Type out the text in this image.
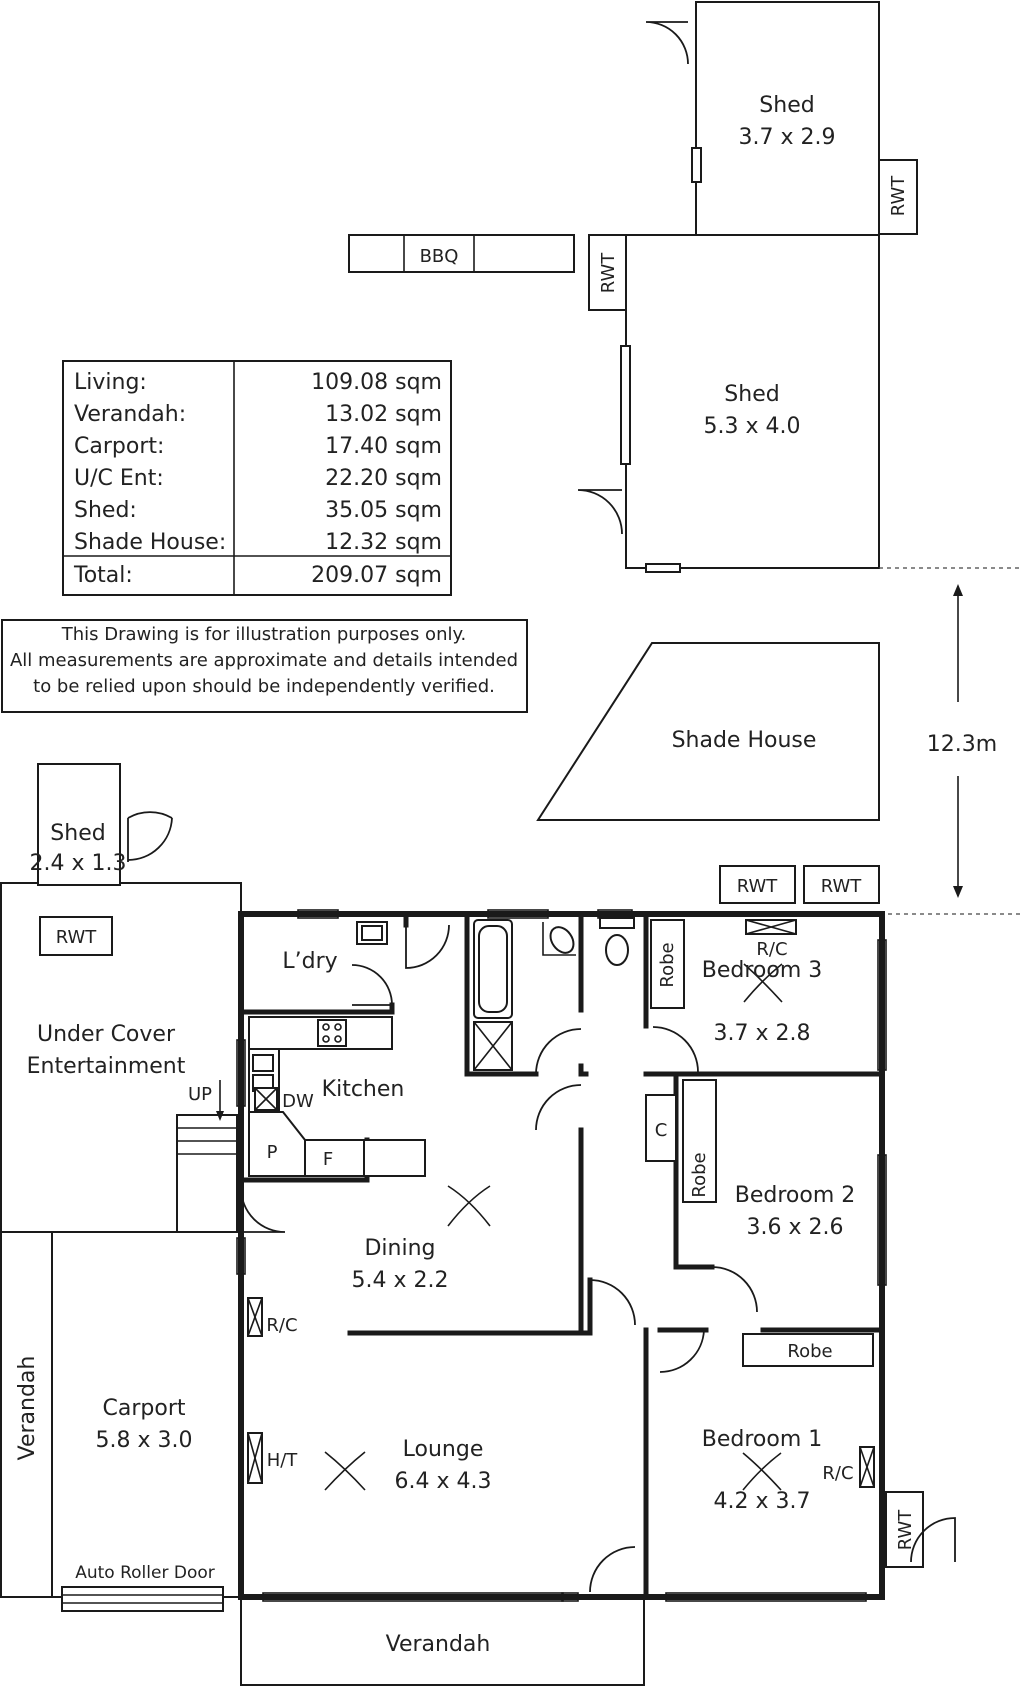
Shed
3.7 x 2.9
RWT
BBQ	RWT
Shed
5.3 x 4.0
12.3m
Living:	109.08 sqm
Verandah:	13.02 sqm
Carport:	17.40 sqm
U/C Ent:	22.20 sqm
Shed:	35.05 sqm
Shade House:	12.32 sqm
Total:	209.07 sqm
This Drawing is for illustration purposes only.
All measurements are approximate and details intended
to be relied upon should be independently verified.
Shade House
RWT RWT
RWT
Shed
2.4 x 1.3
Under Cover
Entertainment
UP
Auto Roller Door
Carport
5.8 x 3.0
Verandah
Verandah
L’dry
P	F
DW Kitchen
Robe
Robe
Robe
C
R/C
R/C
H/T
R/C
RWT
Dining
5.4 x 2.2
Lounge
6.4 x 4.3
Bedroom 3
3.7 x 2.8
Bedroom 2
3.6 x 2.6
Bedroom 1
4.2 x 3.7
